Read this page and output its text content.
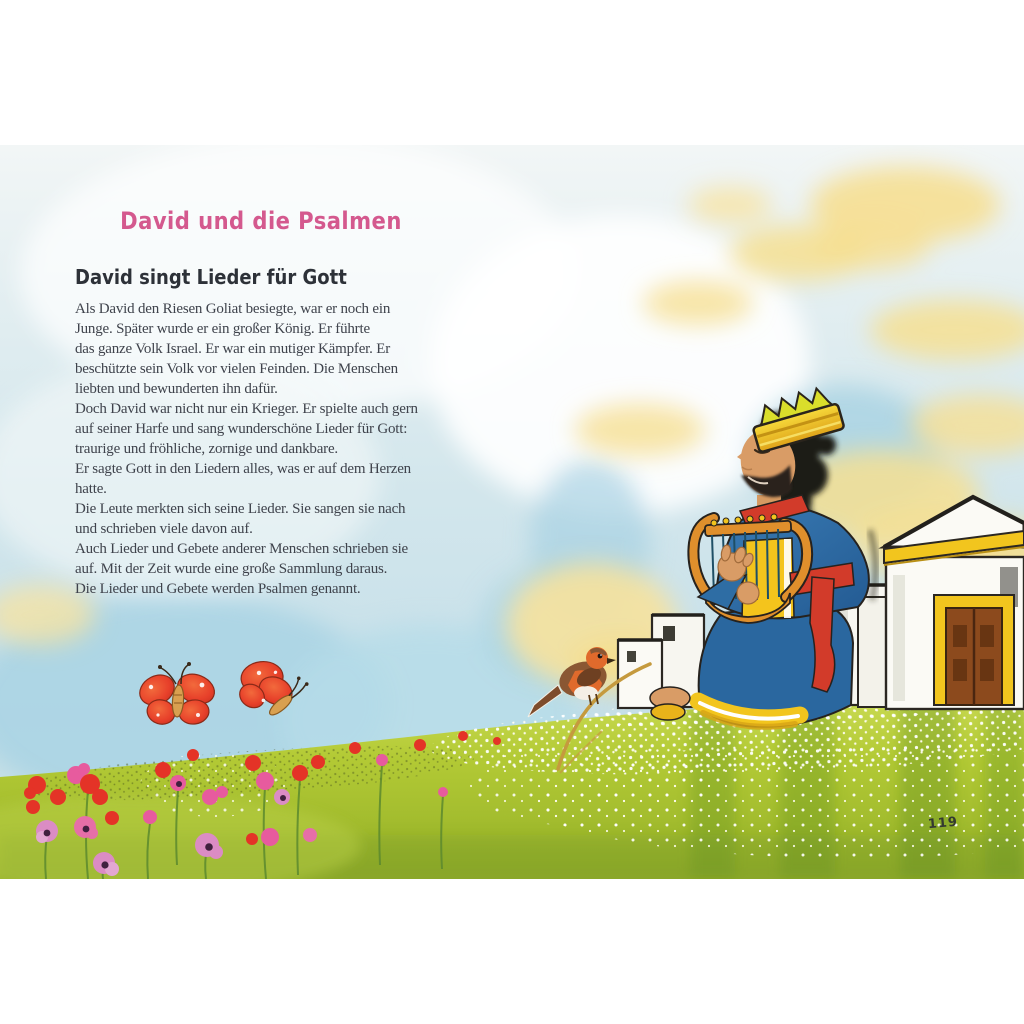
David und die Psalmen
David singt Lieder für Gott

Als David den Riesen Goliat besiegte, war er noch ein

Junge. Später wurde er ein großer König. Er führte

das ganze Volk Israel. Er war ein mutiger Kämpfer. Er

beschützte sein Volk vor vielen Feinden. Die Menschen

liebten und bewunderten ihn dafür.

Doch David war nicht nur ein Krieger. Er spielte auch gern

auf seiner Harfe und sang wunderschöne Lieder für Gott:

traurige und fröhliche, zornige und dankbare.

Er sagte Gott in den Liedern alles, was er auf dem Herzen

hatte.

Die Leute merkten sich seine Lieder. Sie sangen sie nach

und schrieben viele davon auf.

Auch Lieder und Gebete anderer Menschen schrieben sie

auf. Mit der Zeit wurde eine große Sammlung daraus.

Die Lieder und Gebete werden Psalmen genannt.

119
